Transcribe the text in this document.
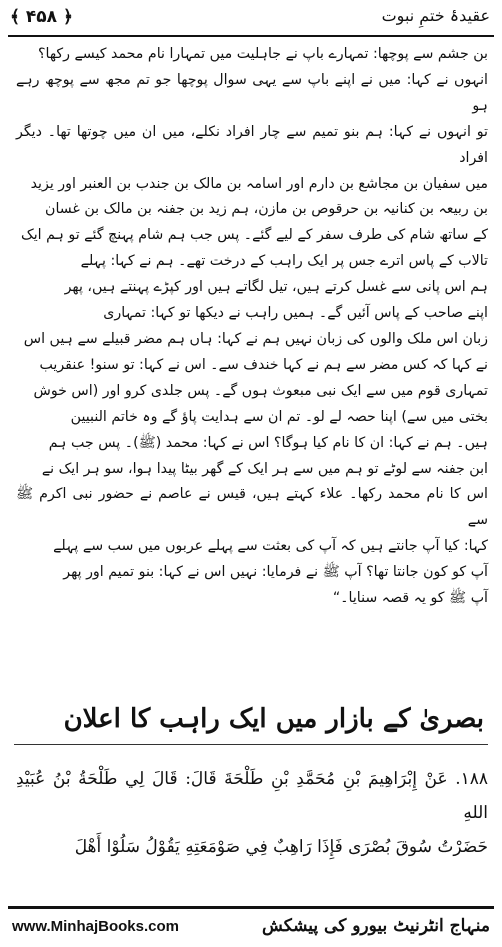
﴿ ۴۵۸ ﴾	عقیدۂ ختمِ نبوت

بن جشم سے پوچھا: تمہارے باپ نے جاہلیت میں تمہارا نام محمد کیسے رکھا؟

انہوں نے کہا: میں نے اپنے باپ سے یہی سوال پوچھا جو تم مجھ سے پوچھ رہے ہو

تو انہوں نے کہا: ہم بنو تمیم سے چار افراد نکلے، میں ان میں چوتھا تھا۔ دیگر افراد

میں سفیان بن مجاشع بن دارم اور اسامہ بن مالک بن جندب بن العنبر اور یزید

بن ربیعہ بن کنانیہ بن حرقوص بن مازن، ہم زید بن جفنہ بن مالک بن غسان

کے ساتھ شام کی طرف سفر کے لیے گئے۔ پس جب ہم شام پہنچ گئے تو ہم ایک

تالاب کے پاس اترے جس پر ایک راہب کے درخت تھے۔ ہم نے کہا: پہلے

ہم اس پانی سے غسل کرتے ہیں، تیل لگاتے ہیں اور کپڑے پہنتے ہیں، پھر

اپنے صاحب کے پاس آئیں گے۔ ہمیں راہب نے دیکھا تو کہا: تمہاری

زبان اس ملک والوں کی زبان نہیں ہم نے کہا: ہاں ہم مضر قبیلے سے ہیں اس

نے کہا کہ کس مضر سے ہم نے کہا خندف سے۔ اس نے کہا: تو سنو! عنقریب

تمہاری قوم میں سے ایک نبی مبعوث ہوں گے۔ پس جلدی کرو اور (اس خوش

بختی میں سے) اپنا حصہ لے لو۔ تم ان سے ہدایت پاؤ گے وہ خاتم النبیین

ہیں۔ ہم نے کہا: ان کا نام کیا ہوگا؟ اس نے کہا: محمد (ﷺ)۔ پس جب ہم

ابن جفنہ سے لوٹے تو ہم میں سے ہر ایک کے گھر بیٹا پیدا ہوا، سو ہر ایک نے

اس کا نام محمد رکھا۔ علاء کہتے ہیں، قیس نے عاصم نے حضور نبی اکرم ﷺ سے

کہا: کیا آپ جانتے ہیں کہ آپ کی بعثت سے پہلے عربوں میں سب سے پہلے

آپ کو کون جانتا تھا؟ آپ ﷺ نے فرمایا: نہیں اس نے کہا: بنو تمیم اور پھر

آپ ﷺ کو یہ قصہ سنایا۔“

بصریٰ کے بازار میں ایک راہب کا اعلان

١٨٨. عَنْ إِبْرَاهِيمَ بْنِ مُحَمَّدِ بْنِ طَلْحَةَ قَالَ: قَالَ لِي طَلْحَةُ بْنُ عُبَيْدِ اللهِ

حَضَرْتُ سُوقَ بُصْرَى فَإِذَا رَاهِبٌ فِي صَوْمَعَتِهِ يَقُوْلُ سَلُوْا أَهْلَ

www.MinhajBooks.com	منہاج انٹرنیٹ بیورو کی پیشکش
